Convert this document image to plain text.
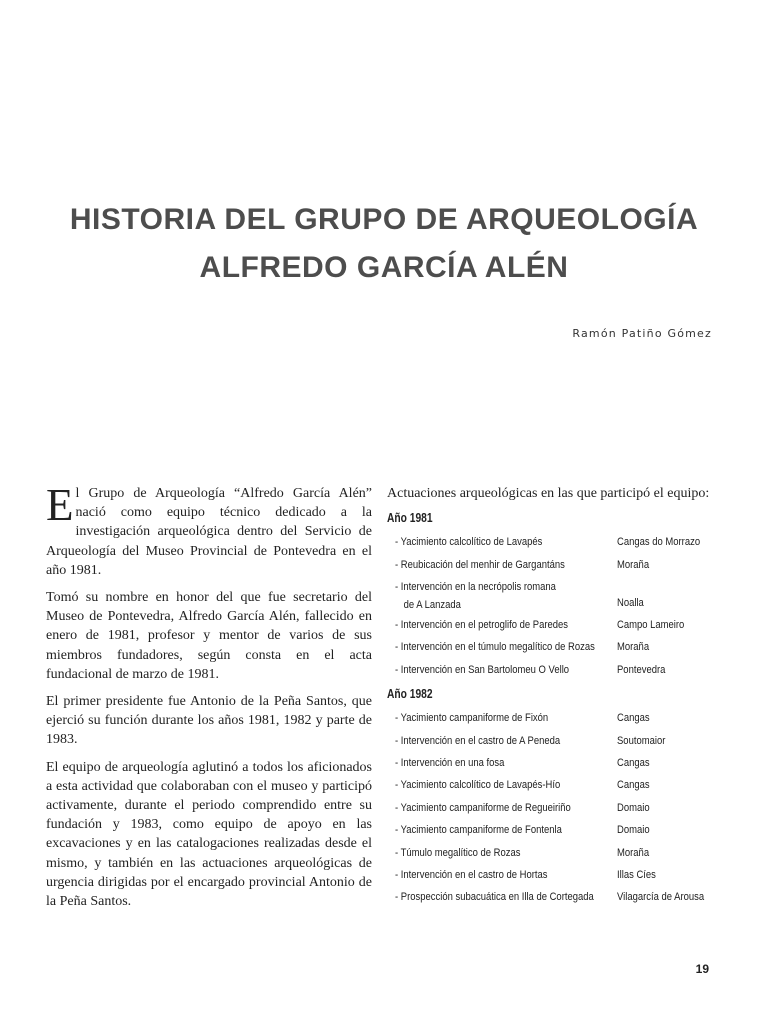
HISTORIA DEL GRUPO DE ARQUEOLOGÍA
ALFREDO GARCÍA ALÉN
Ramón Patiño Gómez

El Grupo de Arqueología “Alfredo García Alén” nació como equipo técnico dedicado a la investigación arqueológica dentro del Servicio de Arqueología del Museo Provincial de Pontevedra en el año 1981.

Tomó su nombre en honor del que fue secretario del Museo de Pontevedra, Alfredo García Alén, fallecido en enero de 1981, profesor y mentor de varios de sus miembros fundadores, según consta en el acta fundacional de marzo de 1981.

El primer presidente fue Antonio de la Peña Santos, que ejerció su función durante los años 1981, 1982 y parte de 1983.

El equipo de arqueología aglutinó a todos los aficionados a esta actividad que colaboraban con el museo y participó activamente, durante el periodo comprendido entre su fundación y 1983, como equipo de apoyo en las excavaciones y en las catalogaciones realizadas desde el mismo, y también en las actuaciones arqueológicas de urgencia dirigidas por el encargado provincial Antonio de la Peña Santos.

Actuaciones arqueológicas en las que participó el equipo:

Año 1981
- Yacimiento calcolítico de Lavapés	Cangas do Morrazo
- Reubicación del menhir de Gargantáns	Moraña
- Intervención en la necrópolis romana
de A Lanzada	Noalla
- Intervención en el petroglifo de Paredes	Campo Lameiro
- Intervención en el túmulo megalítico de Rozas	Moraña
- Intervención en San Bartolomeu O Vello	Pontevedra
Año 1982
- Yacimiento campaniforme de Fixón	Cangas
- Intervención en el castro de A Peneda	Soutomaior
- Intervención en una fosa	Cangas
- Yacimiento calcolítico de Lavapés-Hío	Cangas
- Yacimiento campaniforme de Regueiriño	Domaio
- Yacimiento campaniforme de Fontenla	Domaio
- Túmulo megalítico de Rozas	Moraña
- Intervención en el castro de Hortas	Illas Cíes
- Prospección subacuática en Illa de Cortegada	Vilagarcía de Arousa
19
